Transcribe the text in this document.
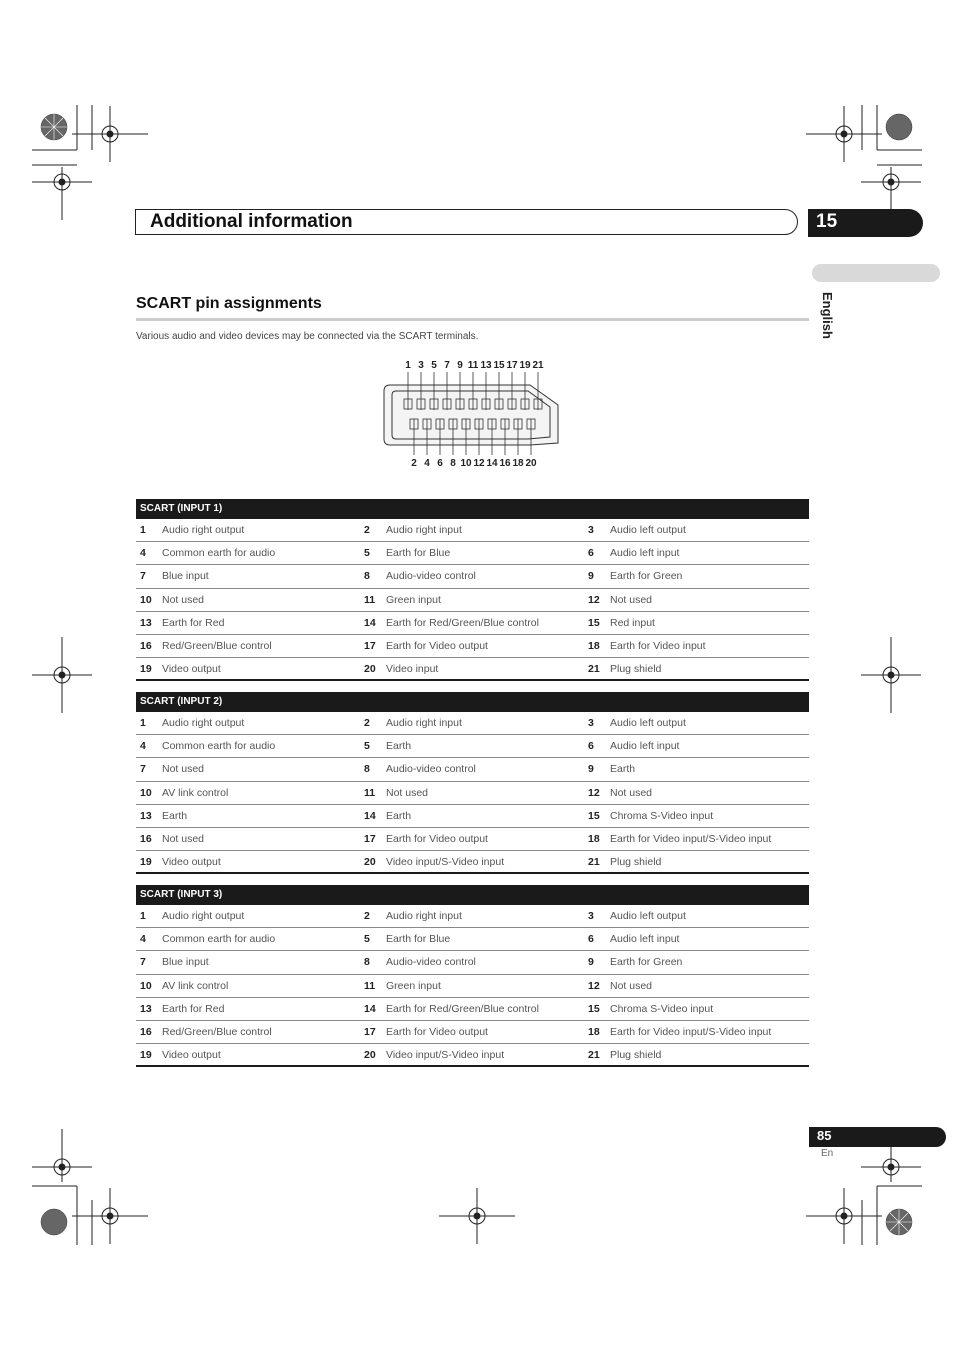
Additional information	15
English
SCART pin assignments
Various audio and video devices may be connected via the SCART terminals.
1 3 5 7 9 11 13 15 17 19 21
2 4 6 8 10 12 14 16 18 20
SCART (INPUT 1)
1 Audio right output	2 Audio right input	3 Audio left output
4 Common earth for audio	5 Earth for Blue	6 Audio left input
7 Blue input	8 Audio-video control	9 Earth for Green
10 Not used	11 Green input	12 Not used
13 Earth for Red	14 Earth for Red/Green/Blue control	15 Red input
16 Red/Green/Blue control	17 Earth for Video output	18 Earth for Video input
19 Video output	20 Video input	21 Plug shield
SCART (INPUT 2)
1 Audio right output	2 Audio right input	3 Audio left output
4 Common earth for audio	5 Earth	6 Audio left input
7 Not used	8 Audio-video control	9 Earth
10 AV link control	11 Not used	12 Not used
13 Earth	14 Earth	15 Chroma S-Video input
16 Not used	17 Earth for Video output	18 Earth for Video input/S-Video input
19 Video output	20 Video input/S-Video input	21 Plug shield
SCART (INPUT 3)
1 Audio right output	2 Audio right input	3 Audio left output
4 Common earth for audio	5 Earth for Blue	6 Audio left input
7 Blue input	8 Audio-video control	9 Earth for Green
10 AV link control	11 Green input	12 Not used
13 Earth for Red	14 Earth for Red/Green/Blue control	15 Chroma S-Video input
16 Red/Green/Blue control	17 Earth for Video output	18 Earth for Video input/S-Video input
19 Video output	20 Video input/S-Video input	21 Plug shield
85
En
